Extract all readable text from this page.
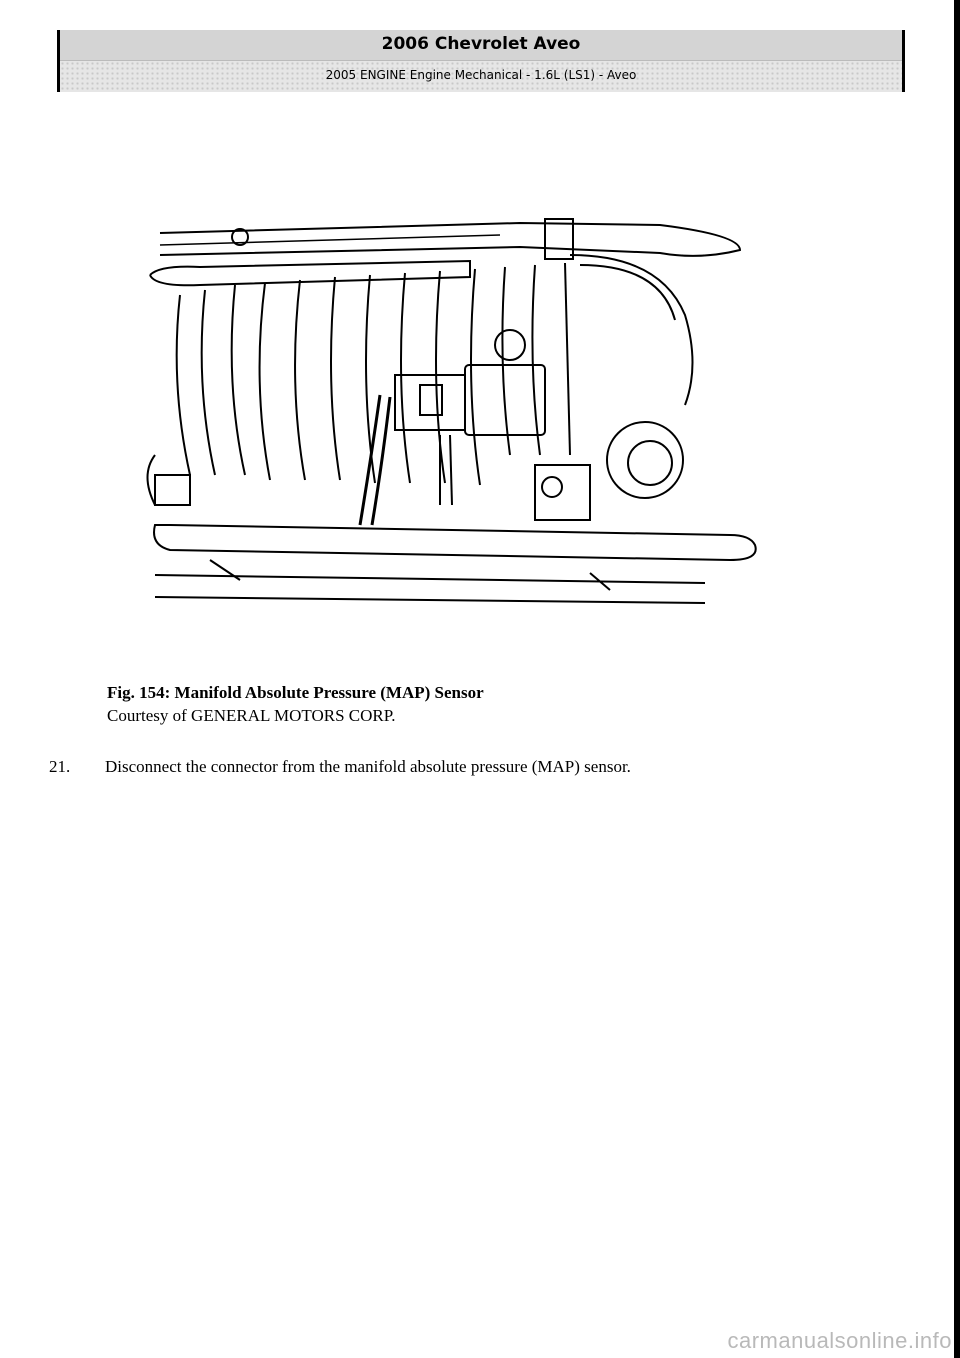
2006 Chevrolet Aveo
2005 ENGINE Engine Mechanical - 1.6L (LS1) - Aveo
Fig. 154: Manifold Absolute Pressure (MAP) Sensor
Courtesy of GENERAL MOTORS CORP.
21. Disconnect the connector from the manifold absolute pressure (MAP) sensor.
carmanualsonline.info
